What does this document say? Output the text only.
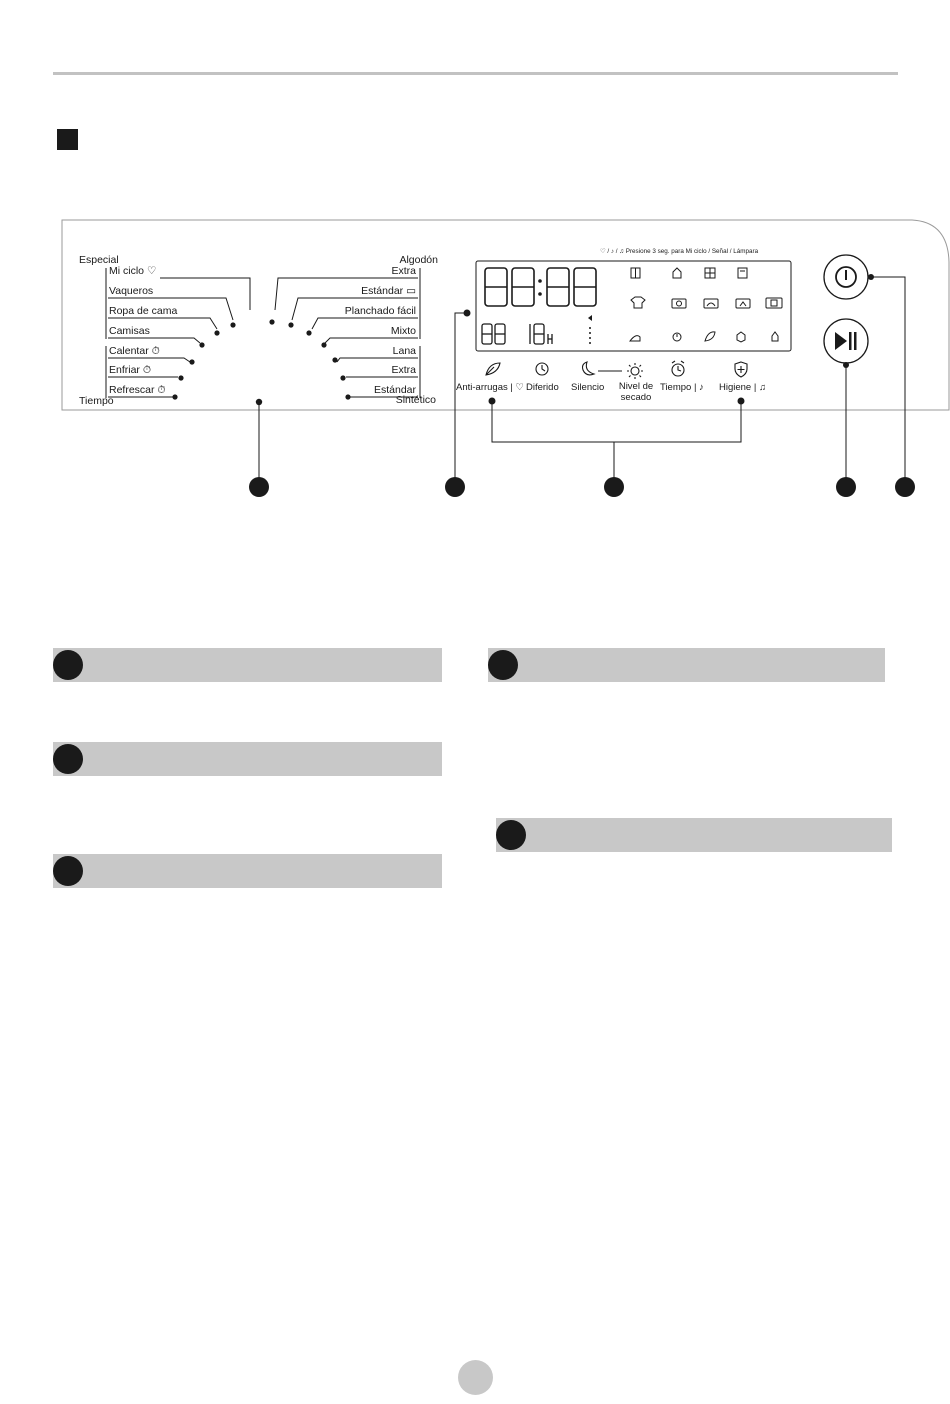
♡ / ♪ / ♫ Presione 3 seg. para Mi ciclo / Señal / Lámpara
Especial
Mi ciclo ♡
Vaqueros
Ropa de cama
Camisas
Calentar ⏱
Enfriar ⏱
Refrescar ⏱
Tiempo
Algodón
Extra
Estándar ▭
Planchado fácil
Mixto
Lana
Extra
Estándar
Sintético
Anti-arrugas | ♡ Diferido Silencio Nivel de secado
Tiempo | ♪ Higiene | ♫
